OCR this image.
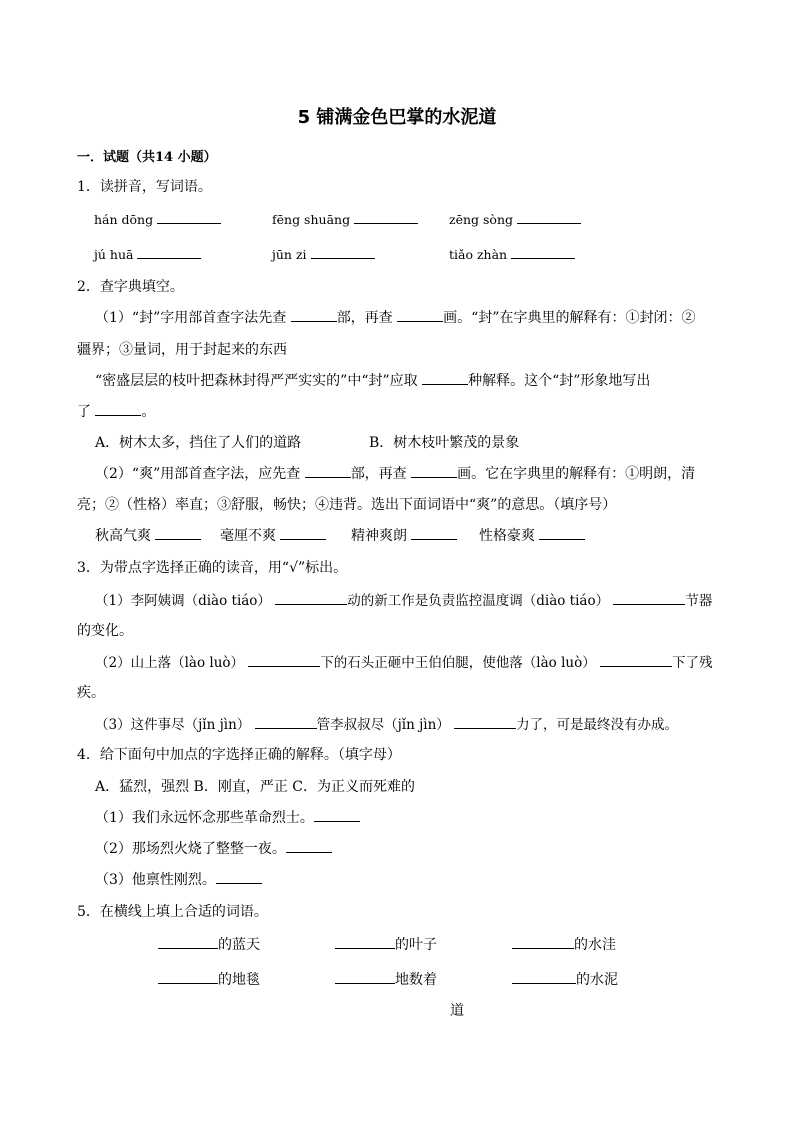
5 铺满金色巴掌的水泥道
一．试题（共14 小题）
1．读拼音，写词语。
hán dōng	fēng shuāng	zēng sòng
jú huā	jūn zi	tiǎo zhàn
2．查字典填空。
（1）“封”字用部首查字法先查	部，再查	画。“封”在字典里的解释有：①封闭：②
疆界；③量词，用于封起来的东西
“密盛层层的枝叶把森林封得严严实实的”中“封”应取	种解释。这个“封”形象地写出
了	。
A．树木太多，挡住了人们的道路	B．树木枝叶繁茂的景象
（2）“爽”用部首查字法，应先查	部，再查	画。它在字典里的解释有：①明朗，清
亮；②（性格）率直；③舒服，畅快；④违背。选出下面词语中“爽”的意思。（填序号）
秋高气爽	毫厘不爽	精神爽朗	性格豪爽
3．为带点字选择正确的读音，用“√”标出。
（1）李阿姨调（diào tiáo）	动的新工作是负责监控温度调（diào tiáo）	节器
的变化。
（2）山上落（lào luò）	下的石头正砸中王伯伯腿，使他落（lào luò）	下了残
疾。
（3）这件事尽（jǐn jìn）	管李叔叔尽（jǐn jìn）	力了，可是最终没有办成。
4．给下面句中加点的字选择正确的解释。（填字母）
A．猛烈，强烈 B．刚直，严正 C．为正义而死难的
（1）我们永远怀念那些革命烈士。
（2）那场烈火烧了整整一夜。
（3）他禀性刚烈。
5．在横线上填上合适的词语。
的蓝天	的叶子	的水洼
的地毯	地数着	的水泥
道
